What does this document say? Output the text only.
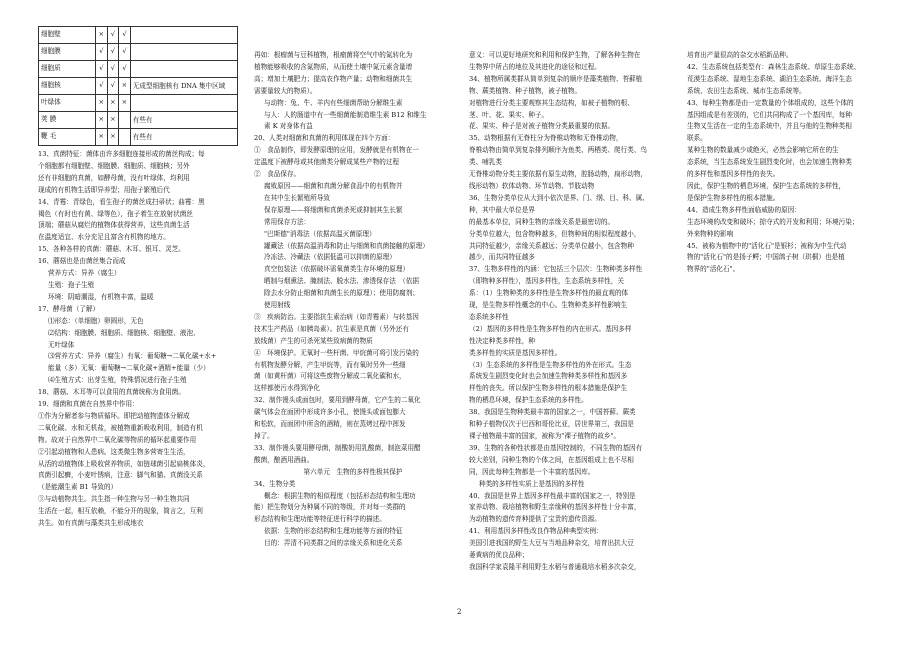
细胞壁	×	√	√	
细胞膜	√	√	√	
细胞质	√	√	√	
细胞核	√	√	×	无成型细胞核有 DNA 集中区域
叶绿体	×	×	×	
荚 膜	×	×		有些有
鞭 毛	×	×		有些有

13、真菌特征：菌体由许多细胞连接形成的菌丝构成；每

个细胞都有细胞壁、细胞膜、细胞质、细胞核；另外

还有非细胞的真菌，如酵母菌，没有叶绿体，均利用

现成的有机物生活即异养型；用孢子繁殖后代

14、青霉：青绿色，看生孢子的菌丝成扫帚状；曲霉：黑

褐色（有时也有黄、绿等色），孢子着生在放射状菌丝

顶端；蘑菇从腐烂的植物体获得营养，这些真菌生活

在温度适宜、水分充足且富含有机物的地方。

15、各种各样的真菌：蘑菇、木耳、银耳、灵芝。

16、蘑菇也是由菌丝集合而成

营养方式：异养（腐生）

生殖：孢子生殖

环境：阴暗潮湿，有机物丰富，温暖

17、酵母菌（了解）

⑴形态：（单细胞）卵圆形，无色

⑵结构：细胞膜、细胞质、细胞核、细胞壁、液泡、

无叶绿体

⑶营养方式：异养（腐生）有氧：葡萄糖→二氧化碳+水+

能量（多）无氧：葡萄糖→二氧化碳+酒精+能量（少）

⑷生殖方式：出芽生殖，特殊情况进行孢子生殖

18、蘑菇、木耳等可以食用的真菌统称为食用菌。

19、细菌和真菌在自然界中作用：

①作为分解者参与物质循环。即把动植物遗体分解成

二氧化碳、水和无机盐，被植物重新吸收利用，制造有机

物。故对于自然界中二氧化碳等物质的循环起重要作用

②引起动植物和人患病。这类微生物多营寄生生活，

从活的动植物体上吸收营养物质，如链球菌引起扁桃体炎，

真菌引起癣，小麦叶锈病，注意：脚气和猫、真菌没关系

（是能潮生素 B1 导致的）

③与动植物共生。共生指一种生物与另一种生物共同

生活在一起，相互依赖，不能分开的现象，简言之，互利

共生。如有真菌与藻类共生形成地衣

再如：根瘤菌与豆科植物，根瘤菌将空气中的氮转化为

植物能够吸收的含氮物质，从而使土壤中氮元素含量增

高；增加土壤肥力；提高农作物产量；动物和细菌共生

需要量较大的物质）。

与动物：兔、牛、羊内有些细菌帮助分解维生素

与人：人的肠道中有一些细菌能制造维生素 B12 和维生

素 K 对身体有益

20、人类对细菌和真菌的利用体现在四个方面：

①　食品制作，即发酵原理的应用，发酵就是有机物在一

定温度下被酵母或其他菌类分解成某些产物的过程

②　食品保存。

腐败原因——细菌和真菌分解食品中的有机物并

在其中生长繁殖所导致

保存原理——将细菌和真菌杀死或抑制其生长繁

常用保存方法：

"巴斯德"消毒法（依据高温灭菌原理）

罐藏法（依据高温消毒和防止与细菌和真菌接触的原理）

冷冻法、冷藏法（依据低温可以抑菌的原理）

真空包装法（依据破坏需氧菌类生存环境的原理）

晒制与烟熏法、腌制法、脱水法、渗透保存法　（依据

除去水分防止细菌和真菌生长的原理）；使用防腐剂；

使用射线

③　疾病防治。主要指抗生素治病（如青霉素）与转基因

技术生产药品（如胰岛素）。抗生素是真菌（另外还有

放线菌）产生的可杀死某些致病菌的物质

④　环境保护。无氧时一些杆菌、甲烷菌可将引发污染的

有机物发酵分解，产生甲烷等，而有氧时另外一些细

菌（如黄杆菌）可将这些废物分解成二氧化碳和水，

这样都使污水得到净化

32、制作馒头或面包时，要用到酵母菌，它产生的二氧化

碳气体会在面团中形成许多小孔，使馒头或面包膨大

和松软，而面团中所含的酒精，则在蒸烤过程中挥发

掉了。

33、制作馒头要用酵母菌，制酸奶用乳酸菌，制泡菜用醋

酸菌，酿酒用酒曲。

第六单元　生物的多样性极其保护

34、生物分类

概念：根据生物的相似程度（包括形态结构和生理功

能）把生物划分为种属不同的等级，并对每一类群的

形态结构和生理功能等特征进行科学的描述。

依据：生物的形态结构和生理功能等方面的特征

目的：弄清不同类群之间的亲缘关系和进化关系

意义：可以更好地研究和利用和保护生物，了解各种生物在

生物界中所占的地位及其进化的途径和过程。

34、植物所属类群从简单到复杂的顺序是藻类植物、苔藓植

物、蕨类植物、种子植物，被子植物。

对植物进行分类主要观察其生态结构，如被子植物的根、

茎、叶、花、果实、种子。

花、果实、种子是对被子植物分类最重要的依据。

35、动物根据有无脊柱分为脊椎动物和无脊椎动物，

脊椎动物由简单到复杂排列顺序为鱼类、两栖类、爬行类、鸟

类、哺乳类

无脊椎动物分类主要依据有原生动物，腔肠动物，扁形动物，

线形动物）软体动物、环节动物、节肢动物

36、生物分类单位从大到小依次是界、门、纲、目、科、属、

种，其中最大单位是界

的最基本单位，同种生物的亲缘关系是最密切的。

分类单位越大，包含物种越多，但物种间的相似程度越小，

共同特征越少，亲缘关系越远；分类单位越小，包含物种

越少，而共同特征越多

37、生物多样性的内涵：它包括三个层次：生物种类多样性

（即物种多样性），基因多样性，生态系统多样性，关

系：（1）生物种类的多样性是生物多样性的最直观的体

现，是生物多样性概念的中心。生物种类多样性影响生

态系统多样性

（2）基因的多样性是生物多样性的内在形式。基因多样

性决定种类多样性，种

类多样性的实质是基因多样性。

（3）生态系统的多样性是生物多样性的外在形式。生态

系统发生剧烈变化时也会加速生物种类多样性和基因多

样性的丧失。所以保护生物多样性的根本措施是保护生

物的栖息环境，保护生态系统的多样性。

38、我国是生物种类最丰富的国家之一，中国苔藓、蕨类

和种子植物仅次于巴西和哥伦比亚，居世界第三，我国是

裸子植物最丰富的国家，被称为"裸子植物的故乡"。

39、生物的各种性状都是由基因控制的，不同生物的基因有

较大差别，同种生物的个体之间，在基因组成上也不尽相

同，因此每种生物都是一个丰富的基因库。

种类的多样性实质上是基因的多样性

40、我国是世界上基因多样性最丰富的国家之一，特别是

家养动物、栽培植物和野生亲缘种的基因多样性十分丰富，

为动植物的遗传育种提供了宝贵的遗传资源。

41、利用基因多样性改良作物品种典型实例：

美国引进我国的野生大豆与当地品种杂交，培育出抗大豆

萎黄病的优良品种；

我国科学家袁隆平利用野生水稻与普通栽培水稻多次杂交，

培育出产量很高的杂交水稻新品种。

42、生态系统包括类型有：森林生态系统、草原生态系统、

荒漠生态系统、湿地生态系统、湖泊生态系统、海洋生态

系统、农田生态系统、城市生态系统等。

43、每种生物都是由一定数量的个体组成的，这些个体的

基因组成是有差别的，它们共同构成了一个基因库，每种

生物又生活在一定的生态系统中，并且与他的生物种类相

联系。

某种生物的数量减少或绝灭，必然会影响它所在的生

态系统，当生态系统发生剧烈变化时，也会加速生物种类

的多样性和基因多样性的丧失。

因此，保护生物的栖息环境，保护生态系统的多样性，

是保护生物多样性的根本措施。

44、造成生物多样性面临威胁的原因：

生态环境的改变和破坏；掠夺式的开发和利用；环境污染；

外来物种的影响

45、被称为植物中的"活化石"是银杉；被称为中生代动

物的"活化石"的是扬子鳄；中国鸽子树（珙桐）也是植

物界的"活化石"。

2
